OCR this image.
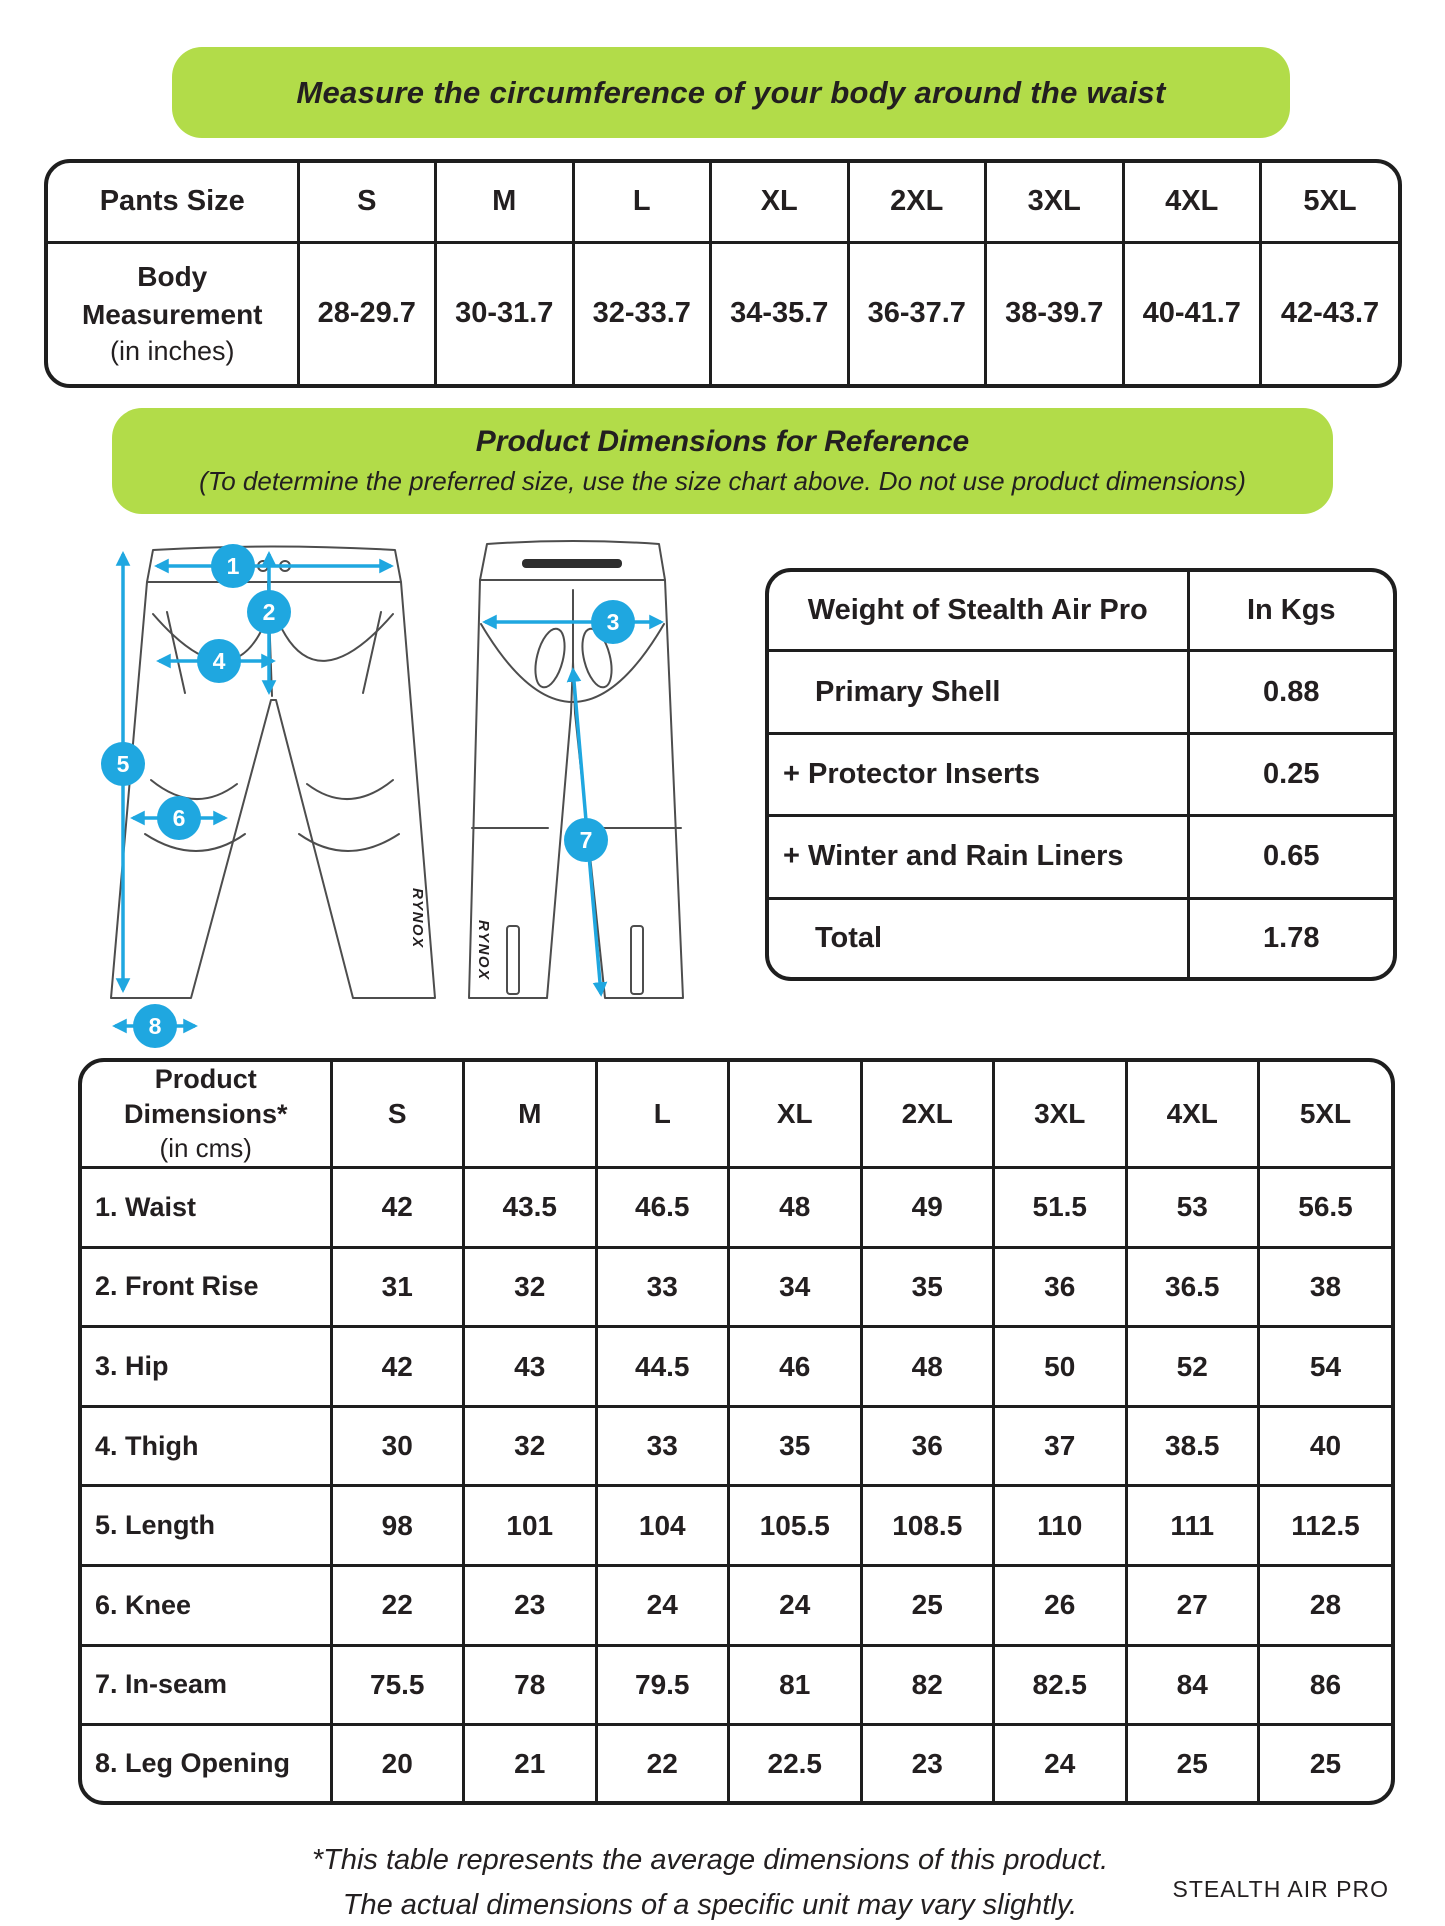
Measure the circumference of your body around the waist
Pants Size	S	M	L	XL	2XL	3XL	4XL	5XL

Body
Measurement
(in inches)	28-29.7	30-31.7	32-33.7	34-35.7	36-37.7	38-39.7	40-41.7	42-43.7
Product Dimensions for Reference
(To determine the preferred size, use the size chart above. Do not use product dimensions)
RYNOX
1
2
4
5
6
8
RYNOX
3
7
Weight of Stealth Air Pro	In Kgs
Primary Shell	0.88
+ Protector Inserts	0.25
+ Winter and Rain Liners	0.65
Total	1.78
Product Dimensions*
(in cms)	S	M	L	XL	2XL	3XL	4XL	5XL
1. Waist	42	43.5	46.5	48	49	51.5	53	56.5
2. Front Rise	31	32	33	34	35	36	36.5	38
3. Hip	42	43	44.5	46	48	50	52	54
4. Thigh	30	32	33	35	36	37	38.5	40
5. Length	98	101	104	105.5	108.5	110	111	112.5
6. Knee	22	23	24	24	25	26	27	28
7. In-seam	75.5	78	79.5	81	82	82.5	84	86
8. Leg Opening	20	21	22	22.5	23	24	25	25
*This table represents the average dimensions of this product.
The actual dimensions of a specific unit may vary slightly.	STEALTH AIR PRO
